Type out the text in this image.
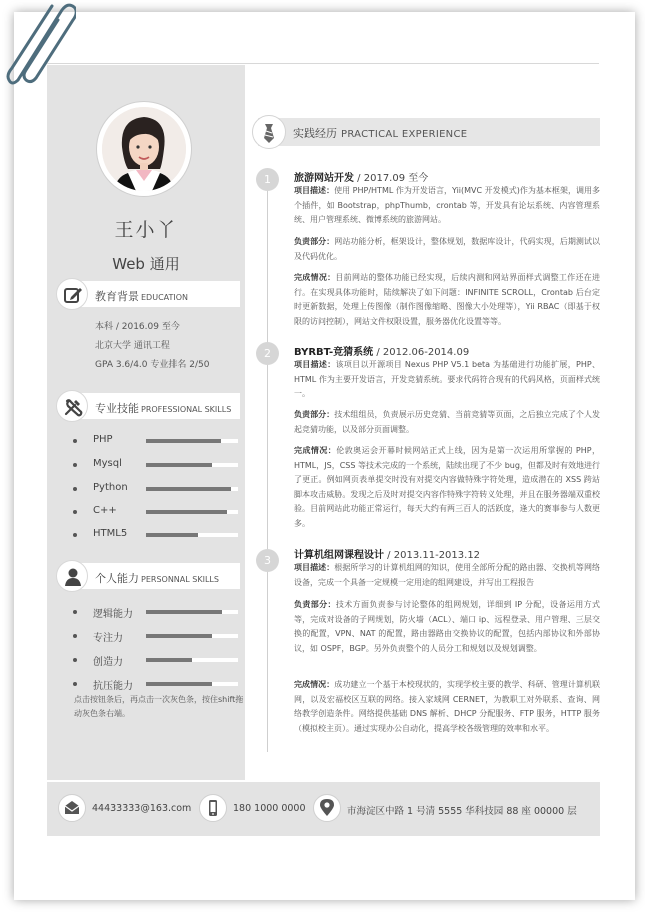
王小丫
Web 通用
教育背景 EDUCATION
本科 / 2016.09 至今
北京大学 通讯工程
GPA 3.6/4.0 专业排名 2/50
专业技能 PROFESSIONAL SKILLS
PHP
Mysql
Python
C++
HTML5
个人能力 PERSONNAL SKILLS
逻辑能力
专注力
创造力
抗压能力
点击按钮条后，再点击一次灰色条，按住shift拖动灰色条右端。
实践经历 PRACTICAL EXPERIENCE
1	旅游网站开发 / 2017.09 至今
项目描述：使用 PHP/HTML 作为开发语言，Yii(MVC 开发模式)作为基本框架，调用多个插件，如 Bootstrap，phpThumb，crontab 等，开发具有论坛系统、内容管理系统、用户管理系统、微博系统的旅游网站。
负责部分：网站功能分析，框架设计，整体规划，数据库设计，代码实现，后期测试以及代码优化。
完成情况：目前网站的整体功能已经实现，后续内测和网站界面样式调整工作还在进行。在实现具体功能时，陆续解决了如下问题：INFINITE SCROLL，Crontab 后台定时更新数据，处理上传图像（制作图像缩略、图像大小处理等），Yii RBAC（即基于权限的访问控制），网站文件权限设置，服务器优化设置等等。
2	BYRBT-竞猜系统 / 2012.06-2014.09
项目描述：该项目以开源项目 Nexus PHP V5.1 beta 为基础进行功能扩展，PHP、HTML 作为主要开发语言，开发竞猜系统。要求代码符合现有的代码风格，页面样式统一。
负责部分：技术组组员，负责展示历史竞猜、当前竞猜等页面，之后独立完成了个人发起竞猜功能，以及部分页面调整。
完成情况：伦敦奥运会开幕时候网站正式上线，因为是第一次运用所掌握的 PHP，HTML，JS，CSS 等技术完成的一个系统，陆续出现了不少 bug，但都及时有效地进行了更正。例如网页表单提交时没有对提交内容做特殊字符处理，造成潜在的 XSS 跨站脚本攻击威胁。发现之后及时对提交内容作特殊字符转义处理，并且在服务器端双重校验。目前网站此功能正常运行，每天大约有两三百人的活跃度，逢大的赛事参与人数更多。
3	计算机组网课程设计 / 2013.11-2013.12
项目描述：根据所学习的计算机组网的知识，使用全部所分配的路由器、交换机等网络设备，完成一个具备一定规模一定用途的组网建设，并写出工程报告
负责部分：技术方面负责参与讨论整体的组网规划，详细到 IP 分配，设备运用方式等，完成对设备的子网规划，防火墙（ACL）、端口 ip、远程登录、用户管理、三层交换的配置，VPN、NAT 的配置，路由器路由交换协议的配置，包括内部协议和外部协议，如 OSPF，BGP。另外负责整个的人员分工和规划以及规划调整。
完成情况：成功建立一个基于本校现状的，实现学校主要的教学、科研、管理计算机联网，以及宏福校区互联的网络。接入家域网 CERNET，为教职工对外联系、查询、网络教学创造条件。网络提供基础 DNS 解析、DHCP 分配服务、FTP 服务，HTTP 服务（模拟校主页）。通过实现办公自动化，提高学校各级管理的效率和水平。
44433333@163.com	180 1000 0000	市海淀区中路 1 号清 5555 华科技园 88 座 00000 层
